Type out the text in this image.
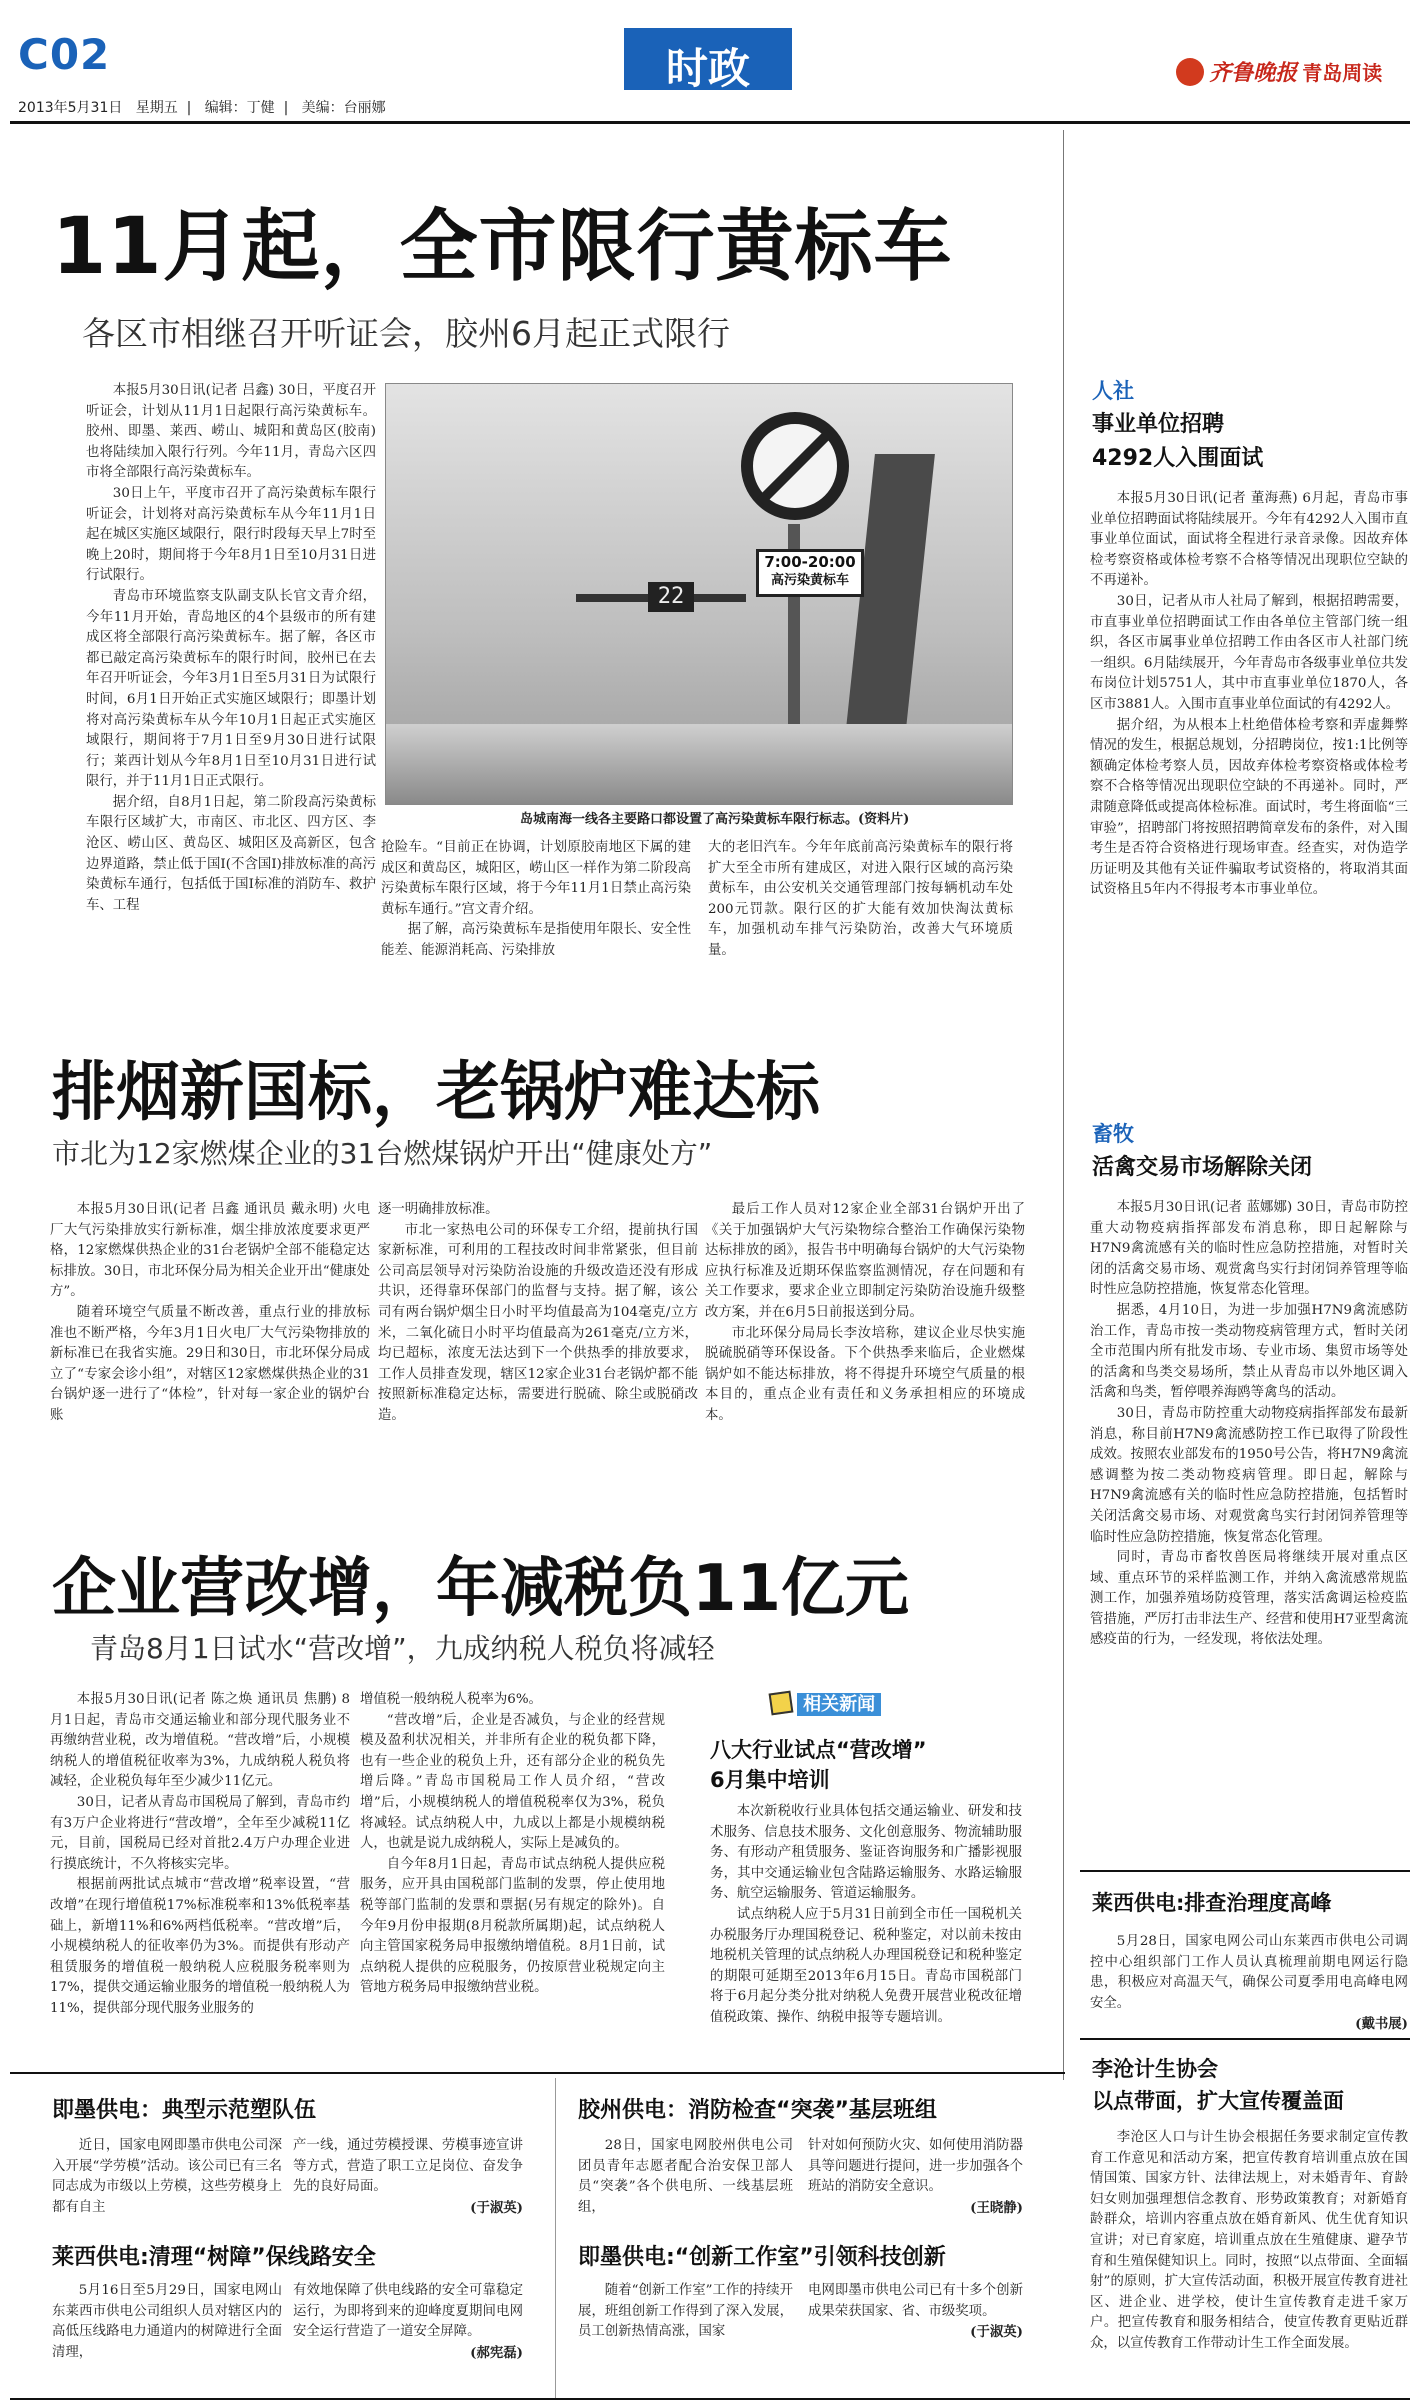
C02	时政
2013年5月31日 星期五  |   编辑：丁健  |   美编：台丽娜
齐鲁晚报 青岛周读
11月起，全市限行黄标车
各区市相继召开听证会，胶州6月起正式限行

本报5月30日讯(记者 吕鑫) 30日，平度召开听证会，计划从11月1日起限行高污染黄标车。胶州、即墨、莱西、崂山、城阳和黄岛区(胶南)也将陆续加入限行行列。今年11月，青岛六区四市将全部限行高污染黄标车。

30日上午，平度市召开了高污染黄标车限行听证会，计划将对高污染黄标车从今年11月1日起在城区实施区域限行，限行时段每天早上7时至晚上20时，期间将于今年8月1日至10月31日进行试限行。

青岛市环境监察支队副支队长官文青介绍，今年11月开始，青岛地区的4个县级市的所有建成区将全部限行高污染黄标车。据了解，各区市都已敲定高污染黄标车的限行时间，胶州已在去年召开听证会，今年3月1日至5月31日为试限行时间，6月1日开始正式实施区域限行；即墨计划将对高污染黄标车从今年10月1日起正式实施区域限行，期间将于7月1日至9月30日进行试限行；莱西计划从今年8月1日至10月31日进行试限行，并于11月1日正式限行。

据介绍，自8月1日起，第二阶段高污染黄标车限行区域扩大，市南区、市北区、四方区、李沧区、崂山区、黄岛区、城阳区及高新区，包含边界道路，禁止低于国Ⅰ(不含国Ⅰ)排放标准的高污染黄标车通行，包括低于国Ⅰ标准的消防车、救护车、工程

7:00-20:00
高污染黄标车
22
岛城南海一线各主要路口都设置了高污染黄标车限行标志。(资料片)

抢险车。“目前正在协调，计划原胶南地区下属的建成区和黄岛区，城阳区，崂山区一样作为第二阶段高污染黄标车限行区域，将于今年11月1日禁止高污染黄标车通行。”宫文青介绍。

据了解，高污染黄标车是指使用年限长、安全性能差、能源消耗高、污染排放

大的老旧汽车。今年年底前高污染黄标车的限行将扩大至全市所有建成区，对进入限行区域的高污染黄标车，由公安机关交通管理部门按每辆机动车处200元罚款。限行区的扩大能有效加快淘汰黄标车，加强机动车排气污染防治，改善大气环境质量。

排烟新国标，老锅炉难达标
市北为12家燃煤企业的31台燃煤锅炉开出“健康处方”

本报5月30日讯(记者 吕鑫 通讯员 戴永明) 火电厂大气污染排放实行新标准，烟尘排放浓度要求更严格，12家燃煤供热企业的31台老锅炉全部不能稳定达标排放。30日，市北环保分局为相关企业开出“健康处方”。

随着环境空气质量不断改善，重点行业的排放标准也不断严格，今年3月1日火电厂大气污染物排放的新标准已在我省实施。29日和30日，市北环保分局成立了“专家会诊小组”，对辖区12家燃煤供热企业的31台锅炉逐一进行了“体检”，针对每一家企业的锅炉台账

逐一明确排放标准。

市北一家热电公司的环保专工介绍，提前执行国家新标准，可利用的工程技改时间非常紧张，但目前公司高层领导对污染防治设施的升级改造还没有形成共识，还得靠环保部门的监督与支持。据了解，该公司有两台锅炉烟尘日小时平均值最高为104毫克/立方米，二氧化硫日小时平均值最高为261毫克/立方米，均已超标，浓度无法达到下一个供热季的排放要求，工作人员排查发现，辖区12家企业31台老锅炉都不能按照新标准稳定达标，需要进行脱硫、除尘或脱硝改造。

最后工作人员对12家企业全部31台锅炉开出了《关于加强锅炉大气污染物综合整治工作确保污染物达标排放的函》，报告书中明确每台锅炉的大气污染物应执行标准及近期环保监察监测情况，存在问题和有关工作要求，要求企业立即制定污染防治设施升级整改方案，并在6月5日前报送到分局。

市北环保分局局长李汝培称，建议企业尽快实施脱硫脱硝等环保设备。下个供热季来临后，企业燃煤锅炉如不能达标排放，将不得提升环境空气质量的根本目的，重点企业有责任和义务承担相应的环境成本。

企业营改增，年减税负11亿元
青岛8月1日试水“营改增”，九成纳税人税负将减轻

本报5月30日讯(记者 陈之焕 通讯员 焦鹏) 8月1日起，青岛市交通运输业和部分现代服务业不再缴纳营业税，改为增值税。“营改增”后，小规模纳税人的增值税征收率为3%，九成纳税人税负将减轻，企业税负每年至少减少11亿元。

30日，记者从青岛市国税局了解到，青岛市约有3万户企业将进行“营改增”，全年至少减税11亿元，目前，国税局已经对首批2.4万户办理企业进行摸底统计，不久将核实完毕。

根据前两批试点城市“营改增”税率设置，“营改增”在现行增值税17%标准税率和13%低税率基础上，新增11%和6%两档低税率。“营改增”后，小规模纳税人的征收率仍为3%。而提供有形动产租赁服务的增值税一般纳税人应税服务税率则为17%，提供交通运输业服务的增值税一般纳税人为11%，提供部分现代服务业服务的

增值税一般纳税人税率为6%。

“营改增”后，企业是否减负，与企业的经营规模及盈利状况相关，并非所有企业的税负都下降，也有一些企业的税负上升，还有部分企业的税负先增后降。”青岛市国税局工作人员介绍，“营改增”后，小规模纳税人的增值税税率仅为3%，税负将减轻。试点纳税人中，九成以上都是小规模纳税人，也就是说九成纳税人，实际上是减负的。

自今年8月1日起，青岛市试点纳税人提供应税服务，应开具由国税部门监制的发票，停止使用地税等部门监制的发票和票据(另有规定的除外)。自今年9月份申报期(8月税款所属期)起，试点纳税人向主管国家税务局申报缴纳增值税。8月1日前，试点纳税人提供的应税服务，仍按原营业税规定向主管地方税务局申报缴纳营业税。

相关新闻
八大行业试点“营改增”
6月集中培训

本次新税收行业具体包括交通运输业、研发和技术服务、信息技术服务、文化创意服务、物流辅助服务、有形动产租赁服务、鉴证咨询服务和广播影视服务，其中交通运输业包含陆路运输服务、水路运输服务、航空运输服务、管道运输服务。

试点纳税人应于5月31日前到全市任一国税机关办税服务厅办理国税登记、税种鉴定，对以前未按由地税机关管理的试点纳税人办理国税登记和税种鉴定的期限可延期至2013年6月15日。青岛市国税部门将于6月起分类分批对纳税人免费开展营业税改征增值税政策、操作、纳税申报等专题培训。

人社
事业单位招聘
4292人入围面试

本报5月30日讯(记者 董海燕) 6月起，青岛市事业单位招聘面试将陆续展开。今年有4292人入围市直事业单位面试，面试将全程进行录音录像。因故弃体检考察资格或体检考察不合格等情况出现职位空缺的不再递补。

30日，记者从市人社局了解到，根据招聘需要，市直事业单位招聘面试工作由各单位主管部门统一组织，各区市属事业单位招聘工作由各区市人社部门统一组织。6月陆续展开，今年青岛市各级事业单位共发布岗位计划5751人，其中市直事业单位1870人，各区市3881人。入围市直事业单位面试的有4292人。

据介绍，为从根本上杜绝借体检考察和弄虚舞弊情况的发生，根据总规划，分招聘岗位，按1:1比例等额确定体检考察人员，因故弃体检考察资格或体检考察不合格等情况出现职位空缺的不再递补。同时，严肃随意降低或提高体检标准。面试时，考生将面临“三审验”，招聘部门将按照招聘简章发布的条件，对入围考生是否符合资格进行现场审查。经查实，对伪造学历证明及其他有关证件骗取考试资格的，将取消其面试资格且5年内不得报考本市事业单位。

畜牧
活禽交易市场解除关闭

本报5月30日讯(记者 蓝娜娜) 30日，青岛市防控重大动物疫病指挥部发布消息称，即日起解除与H7N9禽流感有关的临时性应急防控措施，对暂时关闭的活禽交易市场、观赏禽鸟实行封闭饲养管理等临时性应急防控措施，恢复常态化管理。

据悉，4月10日，为进一步加强H7N9禽流感防治工作，青岛市按一类动物疫病管理方式，暂时关闭全市范围内所有批发市场、专业市场、集贸市场等处的活禽和鸟类交易场所，禁止从青岛市以外地区调入活禽和鸟类，暂停喂养海鸥等禽鸟的活动。

30日，青岛市防控重大动物疫病指挥部发布最新消息，称目前H7N9禽流感防控工作已取得了阶段性成效。按照农业部发布的1950号公告，将H7N9禽流感调整为按二类动物疫病管理。即日起，解除与H7N9禽流感有关的临时性应急防控措施，包括暂时关闭活禽交易市场、对观赏禽鸟实行封闭饲养管理等临时性应急防控措施，恢复常态化管理。

同时，青岛市畜牧兽医局将继续开展对重点区域、重点环节的采样监测工作，并纳入禽流感常规监测工作，加强养殖场防疫管理，落实活禽调运检疫监管措施，严厉打击非法生产、经营和使用H7亚型禽流感疫苗的行为，一经发现，将依法处理。

莱西供电:排查治理度高峰

5月28日，国家电网公司山东莱西市供电公司调控中心组织部门工作人员认真梳理前期电网运行隐患，积极应对高温天气，确保公司夏季用电高峰电网安全。

(戴书展)
李沧计生协会
以点带面，扩大宣传覆盖面

李沧区人口与计生协会根据任务要求制定宣传教育工作意见和活动方案，把宣传教育培训重点放在国情国策、国家方针、法律法规上，对未婚青年、育龄妇女则加强理想信念教育、形势政策教育；对新婚育龄群众，培训内容重点放在婚育新风、优生优育知识宣讲；对已育家庭，培训重点放在生殖健康、避孕节育和生殖保健知识上。同时，按照“以点带面、全面辐射”的原则，扩大宣传活动面，积极开展宣传教育进社区、进企业、进学校，使计生宣传教育走进千家万户。把宣传教育和服务相结合，使宣传教育更贴近群众，以宣传教育工作带动计生工作全面发展。

即墨供电：典型示范塑队伍

近日，国家电网即墨市供电公司深入开展“学劳模”活动。该公司已有三名同志成为市级以上劳模，这些劳模身上都有自主

产一线，通过劳模授课、劳模事迹宣讲等方式，营造了职工立足岗位、奋发争先的良好局面。

(于淑英)
莱西供电:清理“树障”保线路安全

5月16日至5月29日，国家电网山东莱西市供电公司组织人员对辖区内的高低压线路电力通道内的树障进行全面清理，

有效地保障了供电线路的安全可靠稳定运行，为即将到来的迎峰度夏期间电网安全运行营造了一道安全屏障。

(郝宪磊)
胶州供电：消防检查“突袭”基层班组

28日，国家电网胶州供电公司团员青年志愿者配合治安保卫部人员“突袭”各个供电所、一线基层班组，

针对如何预防火灾、如何使用消防器具等问题进行提问，进一步加强各个班站的消防安全意识。

(王晓静)
即墨供电:“创新工作室”引领科技创新

随着“创新工作室”工作的持续开展，班组创新工作得到了深入发展，员工创新热情高涨，国家

电网即墨市供电公司已有十多个创新成果荣获国家、省、市级奖项。

(于淑英)
